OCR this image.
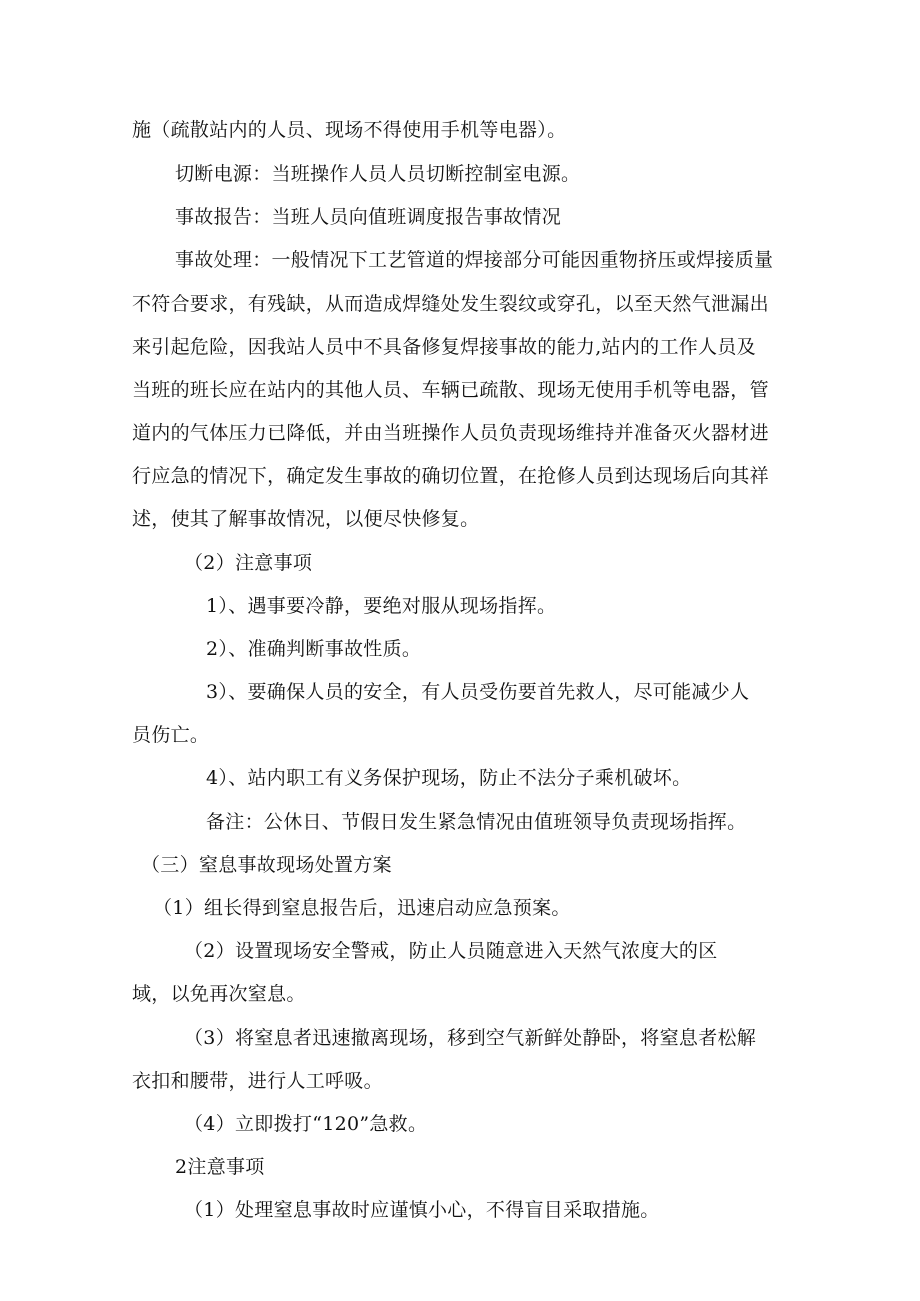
施（疏散站内的人员、现场不得使用手机等电器）。
切断电源：当班操作人员人员切断控制室电源。
事故报告：当班人员向值班调度报告事故情况
事故处理：一般情况下工艺管道的焊接部分可能因重物挤压或焊接质量
不符合要求，有残缺，从而造成焊缝处发生裂纹或穿孔，以至天然气泄漏出
来引起危险，因我站人员中不具备修复焊接事故的能力,站内的工作人员及
当班的班长应在站内的其他人员、车辆已疏散、现场无使用手机等电器，管
道内的气体压力已降低，并由当班操作人员负责现场维持并准备灭火器材进
行应急的情况下，确定发生事故的确切位置，在抢修人员到达现场后向其祥
述，使其了解事故情况，以便尽快修复。
（2）注意事项
1）、遇事要冷静，要绝对服从现场指挥。
2）、准确判断事故性质。
3）、要确保人员的安全，有人员受伤要首先救人，尽可能减少人
员伤亡。
4）、站内职工有义务保护现场，防止不法分子乘机破坏。
备注：公休日、节假日发生紧急情况由值班领导负责现场指挥。
（三）窒息事故现场处置方案
（1）组长得到窒息报告后，迅速启动应急预案。
（2）设置现场安全警戒，防止人员随意进入天然气浓度大的区
域，以免再次窒息。
（3）将窒息者迅速撤离现场，移到空气新鲜处静卧，将窒息者松解
衣扣和腰带，进行人工呼吸。
（4）立即拨打“120”急救。
2注意事项
（1）处理窒息事故时应谨慎小心，不得盲目采取措施。
